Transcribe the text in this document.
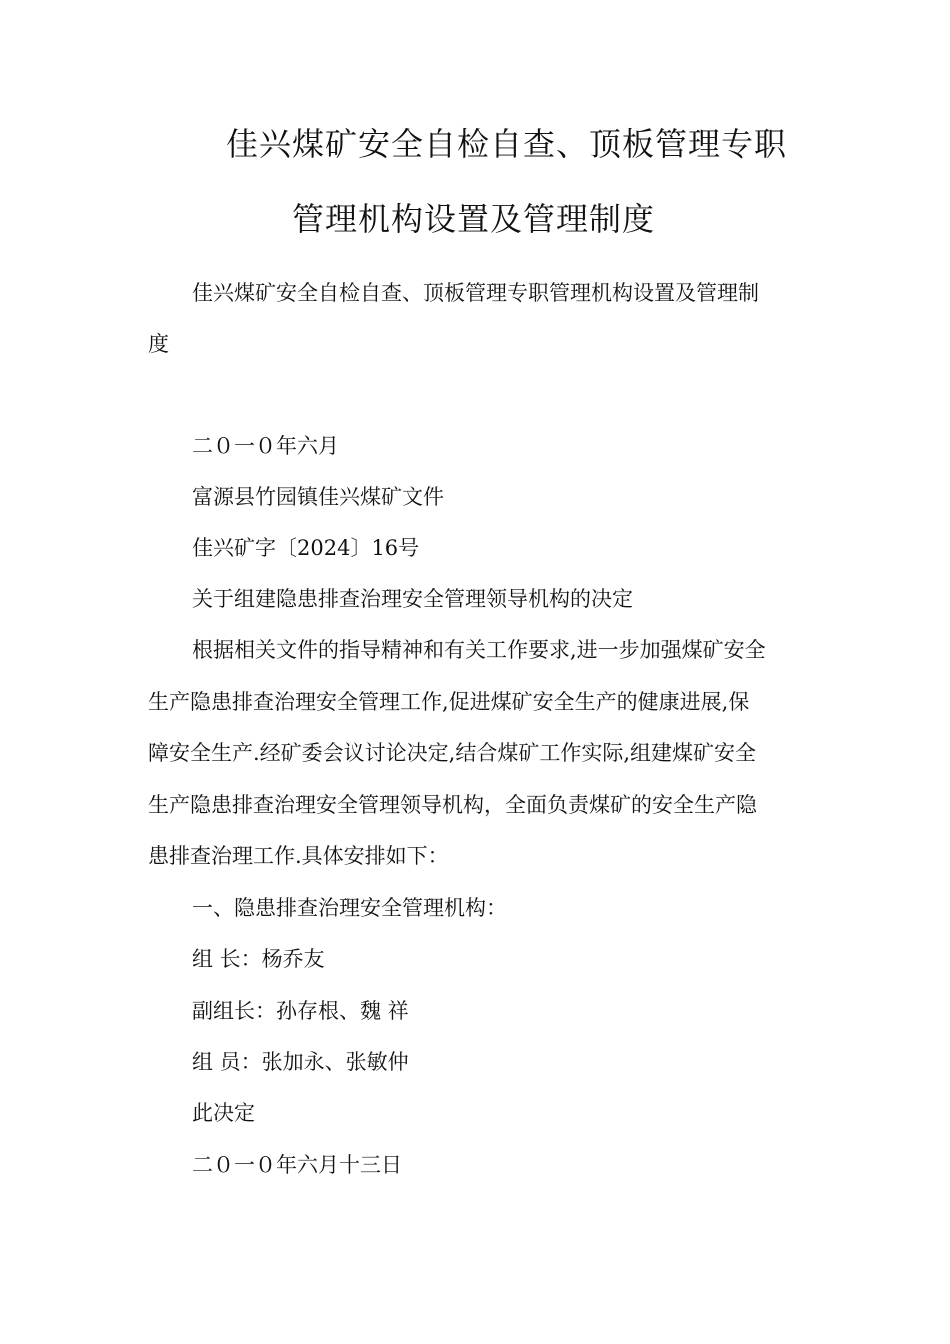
佳兴煤矿安全自检自查、顶板管理专职
管理机构设置及管理制度
佳兴煤矿安全自检自查、顶板管理专职管理机构设置及管理制
度
二０一０年六月
富源县竹园镇佳兴煤矿文件
佳兴矿字〔2024〕16号
关于组建隐患排查治理安全管理领导机构的决定
根据相关文件的指导精神和有关工作要求,进一步加强煤矿安全
生产隐患排查治理安全管理工作,促进煤矿安全生产的健康进展,保
障安全生产.经矿委会议讨论决定,结合煤矿工作实际,组建煤矿安全
生产隐患排查治理安全管理领导机构，全面负责煤矿的安全生产隐
患排查治理工作.具体安排如下：
一、隐患排查治理安全管理机构：
组 长：杨乔友
副组长：孙存根、魏 祥
组 员：张加永、张敏仲
此决定
二０一０年六月十三日
